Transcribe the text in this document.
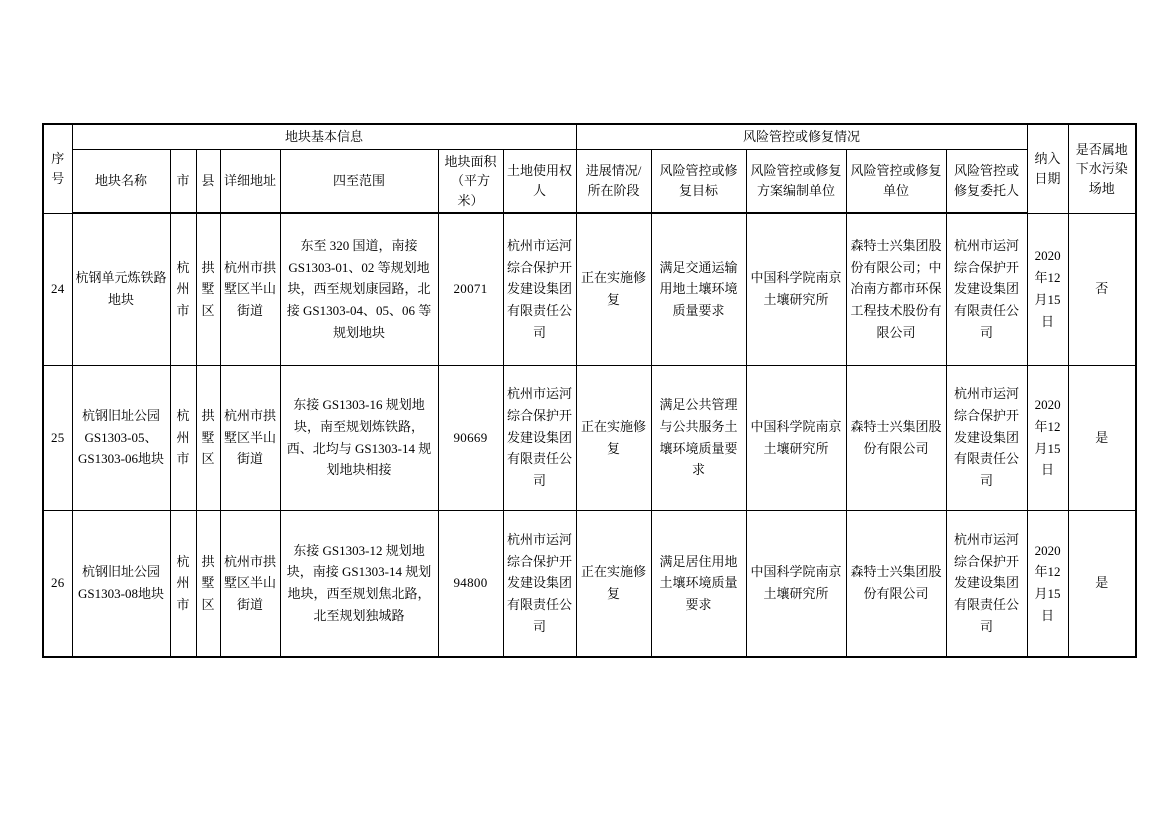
序号	地块基本信息							风险管控或修复情况					纳入日期	是否属地下水污染场地
	地块名称	市	县	详细地址	四至范围	地块面积（平方米）	土地使用权人	进展情况/所在阶段	风险管控或修复目标	风险管控或修复方案编制单位	风险管控或修复单位	风险管控或修复委托人		
24	杭钢单元炼铁路地块	杭州市	拱墅区	杭州市拱墅区半山街道	东至 320 国道，南接 GS1303-01、02 等规划地块，西至规划康园路，北接 GS1303-04、05、06 等规划地块	20071	杭州市运河综合保护开发建设集团有限责任公司	正在实施修复	满足交通运输用地土壤环境质量要求	中国科学院南京土壤研究所	森特士兴集团股份有限公司；中冶南方都市环保工程技术股份有限公司	杭州市运河综合保护开发建设集团有限责任公司	2020年12月15日	否
25	杭钢旧址公园GS1303-05、GS1303-06地块	杭州市	拱墅区	杭州市拱墅区半山街道	东接 GS1303-16 规划地块，南至规划炼铁路，西、北均与 GS1303-14 规划地块相接	90669	杭州市运河综合保护开发建设集团有限责任公司	正在实施修复	满足公共管理与公共服务土壤环境质量要求	中国科学院南京土壤研究所	森特士兴集团股份有限公司	杭州市运河综合保护开发建设集团有限责任公司	2020年12月15日	是
26	杭钢旧址公园GS1303-08地块	杭州市	拱墅区	杭州市拱墅区半山街道	东接 GS1303-12 规划地块，南接 GS1303-14 规划地块，西至规划焦北路，北至规划独城路	94800	杭州市运河综合保护开发建设集团有限责任公司	正在实施修复	满足居住用地土壤环境质量要求	中国科学院南京土壤研究所	森特士兴集团股份有限公司	杭州市运河综合保护开发建设集团有限责任公司	2020年12月15日	是
